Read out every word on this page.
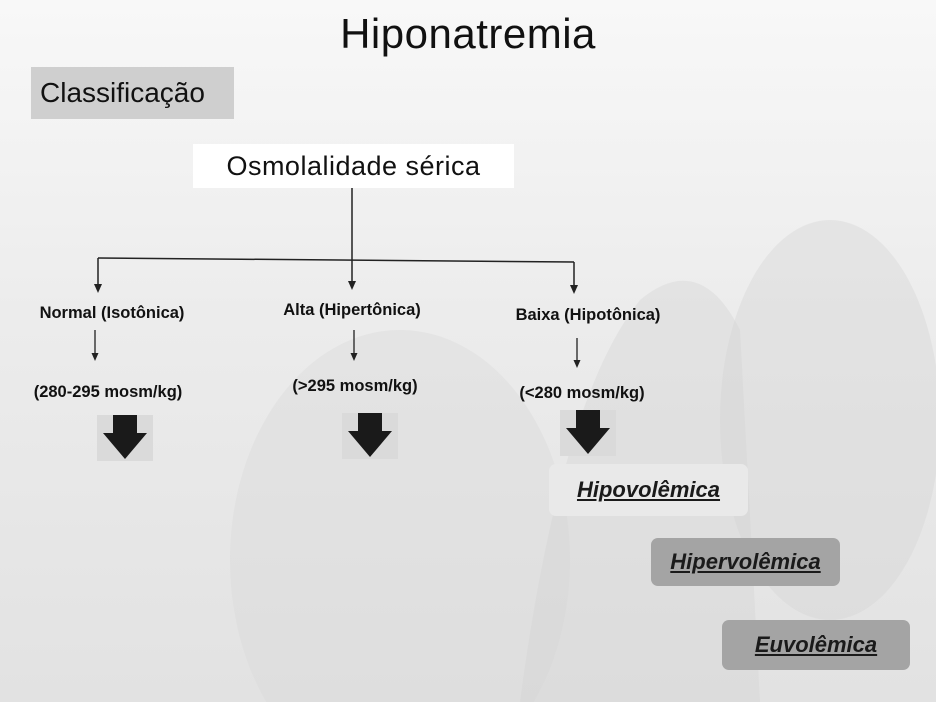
Hiponatremia
Classificação
Osmolalidade sérica
Normal (Isotônica)	Alta (Hipertônica)	Baixa (Hipotônica)
(280-295 mosm/kg)	(>295 mosm/kg)	(<280 mosm/kg)
Hipovolêmica
Hipervolêmica
Euvolêmica
